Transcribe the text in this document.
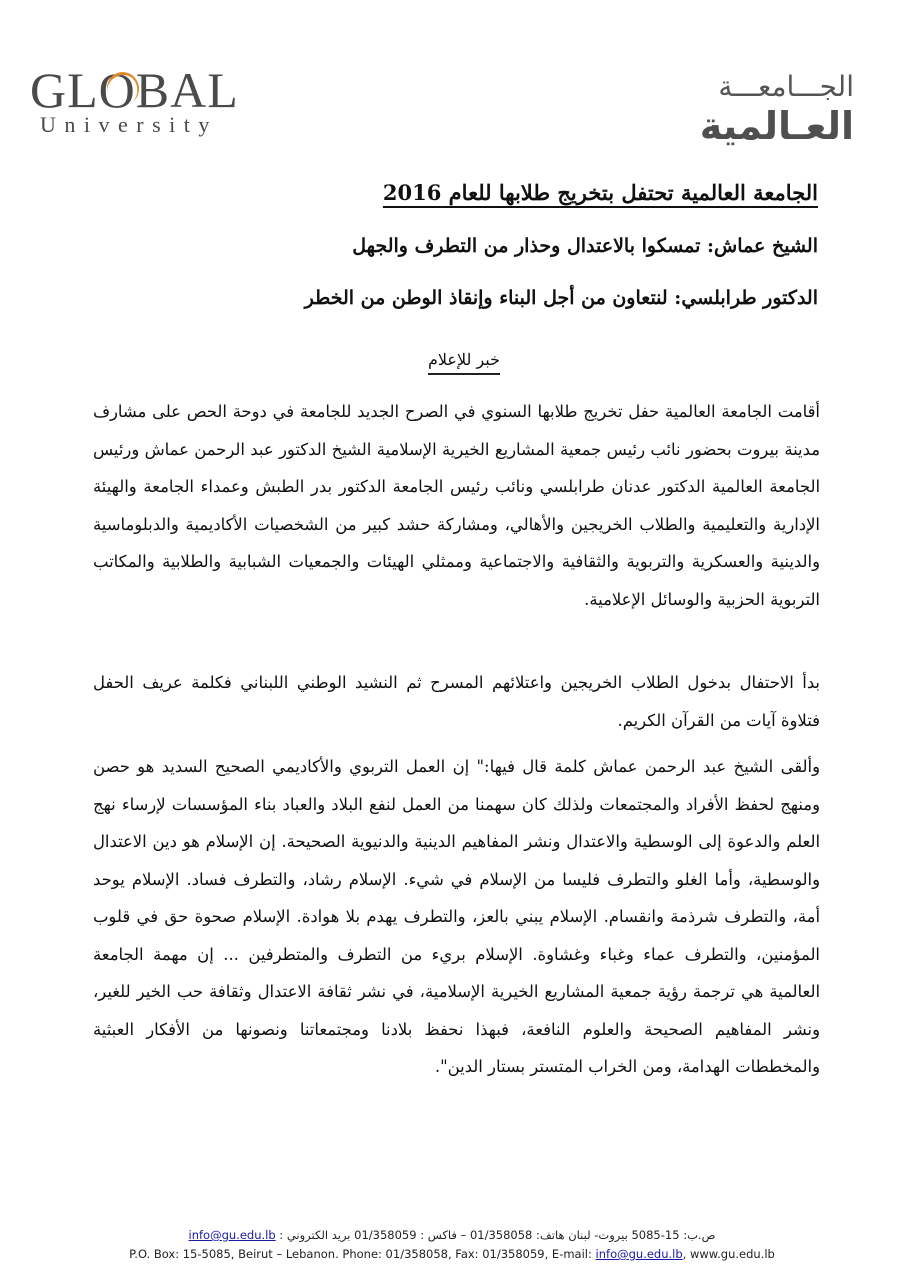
GLOBAL
University
الجـــامعـــة
العـالمية
الجامعة العالمية تحتفل بتخريج طلابها للعام 2016
الشيخ عماش: تمسكوا بالاعتدال وحذار من التطرف والجهل
الدكتور طرابلسي: لنتعاون من أجل البناء وإنقاذ الوطن من الخطر
خبر للإعلام

أقامت الجامعة العالمية حفل تخريج طلابها السنوي في الصرح الجديد للجامعة في دوحة الحص على مشارف مدينة بيروت بحضور نائب رئيس جمعية المشاريع الخيرية الإسلامية الشيخ الدكتور عبد الرحمن عماش ورئيس الجامعة العالمية الدكتور عدنان طرابلسي ونائب رئيس الجامعة الدكتور بدر الطبش وعمداء الجامعة والهيئة الإدارية والتعليمية والطلاب الخريجين والأهالي، ومشاركة حشد كبير من الشخصيات الأكاديمية والدبلوماسية والدينية والعسكرية والتربوية والثقافية والاجتماعية وممثلي الهيئات والجمعيات الشبابية والطلابية والمكاتب التربوية الحزبية والوسائل الإعلامية.

بدأ الاحتفال بدخول الطلاب الخريجين واعتلائهم المسرح ثم النشيد الوطني اللبناني فكلمة عريف الحفل فتلاوة آيات من القرآن الكريم.

وألقى الشيخ عبد الرحمن عماش كلمة قال فيها:" إن العمل التربوي والأكاديمي الصحيح السديد هو حصن ومنهج لحفظ الأفراد والمجتمعات ولذلك كان سهمنا من العمل لنفع البلاد والعباد بناء المؤسسات لإرساء نهج العلم والدعوة إلى الوسطية والاعتدال ونشر المفاهيم الدينية والدنيوية الصحيحة. إن الإسلام هو دين الاعتدال والوسطية، وأما الغلو والتطرف فليسا من الإسلام في شيء. الإسلام رشاد، والتطرف فساد. الإسلام يوحد أمة، والتطرف شرذمة وانقسام. الإسلام يبني بالعز، والتطرف يهدم بلا هوادة. الإسلام صحوة حق في قلوب المؤمنين، والتطرف عماء وغباء وغشاوة. الإسلام بريء من التطرف والمتطرفين ... إن مهمة الجامعة العالمية هي ترجمة رؤية جمعية المشاريع الخيرية الإسلامية، في نشر ثقافة الاعتدال وثقافة حب الخير للغير، ونشر المفاهيم الصحيحة والعلوم النافعة، فبهذا نحفظ بلادنا ومجتمعاتنا ونصونها من الأفكار العبثية والمخططات الهدامة، ومن الخراب المتستر بستار الدين".

ص.ب: 15-5085 بيروت- لبنان هاتف: 01/358058 – فاكس : 01/358059 بريد الكتروني : info@gu.edu.lb
P.O. Box: 15-5085, Beirut – Lebanon. Phone: 01/358058, Fax: 01/358059, E-mail: info@gu.edu.lb, www.gu.edu.lb
